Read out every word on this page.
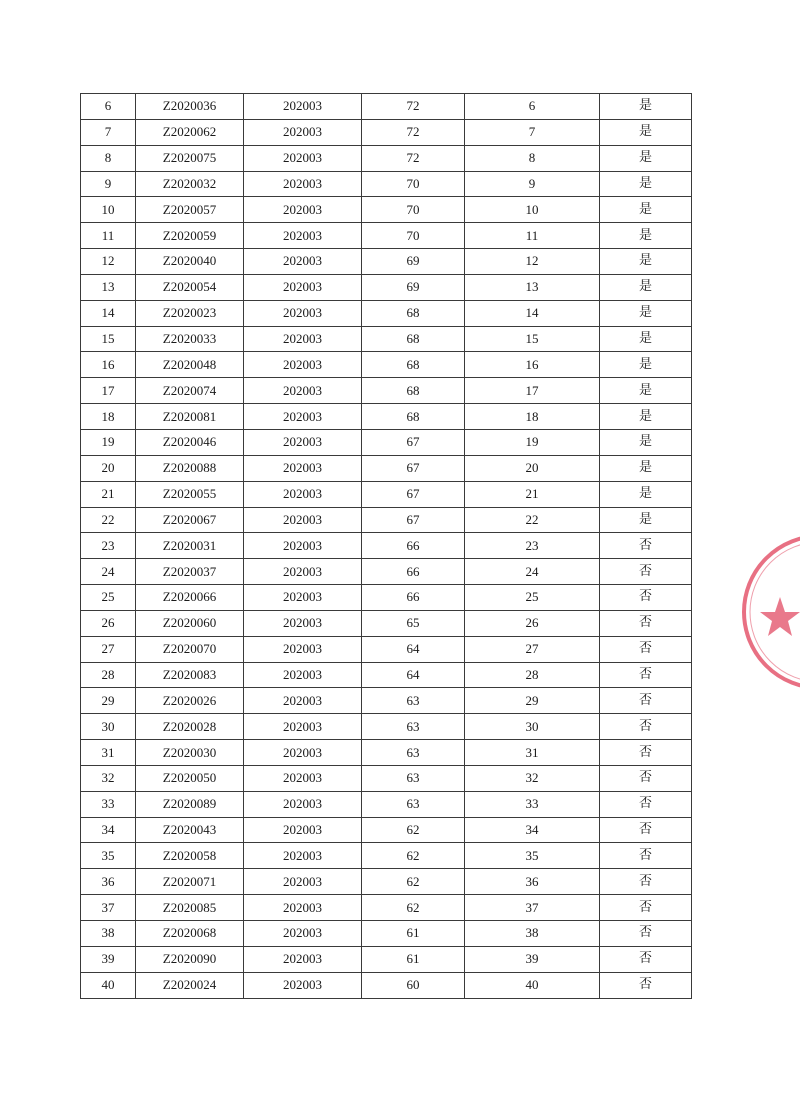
6	Z2020036	202003	72	6	是
7	Z2020062	202003	72	7	是
8	Z2020075	202003	72	8	是
9	Z2020032	202003	70	9	是
10	Z2020057	202003	70	10	是
11	Z2020059	202003	70	11	是
12	Z2020040	202003	69	12	是
13	Z2020054	202003	69	13	是
14	Z2020023	202003	68	14	是
15	Z2020033	202003	68	15	是
16	Z2020048	202003	68	16	是
17	Z2020074	202003	68	17	是
18	Z2020081	202003	68	18	是
19	Z2020046	202003	67	19	是
20	Z2020088	202003	67	20	是
21	Z2020055	202003	67	21	是
22	Z2020067	202003	67	22	是
23	Z2020031	202003	66	23	否
24	Z2020037	202003	66	24	否
25	Z2020066	202003	66	25	否
26	Z2020060	202003	65	26	否
27	Z2020070	202003	64	27	否
28	Z2020083	202003	64	28	否
29	Z2020026	202003	63	29	否
30	Z2020028	202003	63	30	否
31	Z2020030	202003	63	31	否
32	Z2020050	202003	63	32	否
33	Z2020089	202003	63	33	否
34	Z2020043	202003	62	34	否
35	Z2020058	202003	62	35	否
36	Z2020071	202003	62	36	否
37	Z2020085	202003	62	37	否
38	Z2020068	202003	61	38	否
39	Z2020090	202003	61	39	否
40	Z2020024	202003	60	40	否
